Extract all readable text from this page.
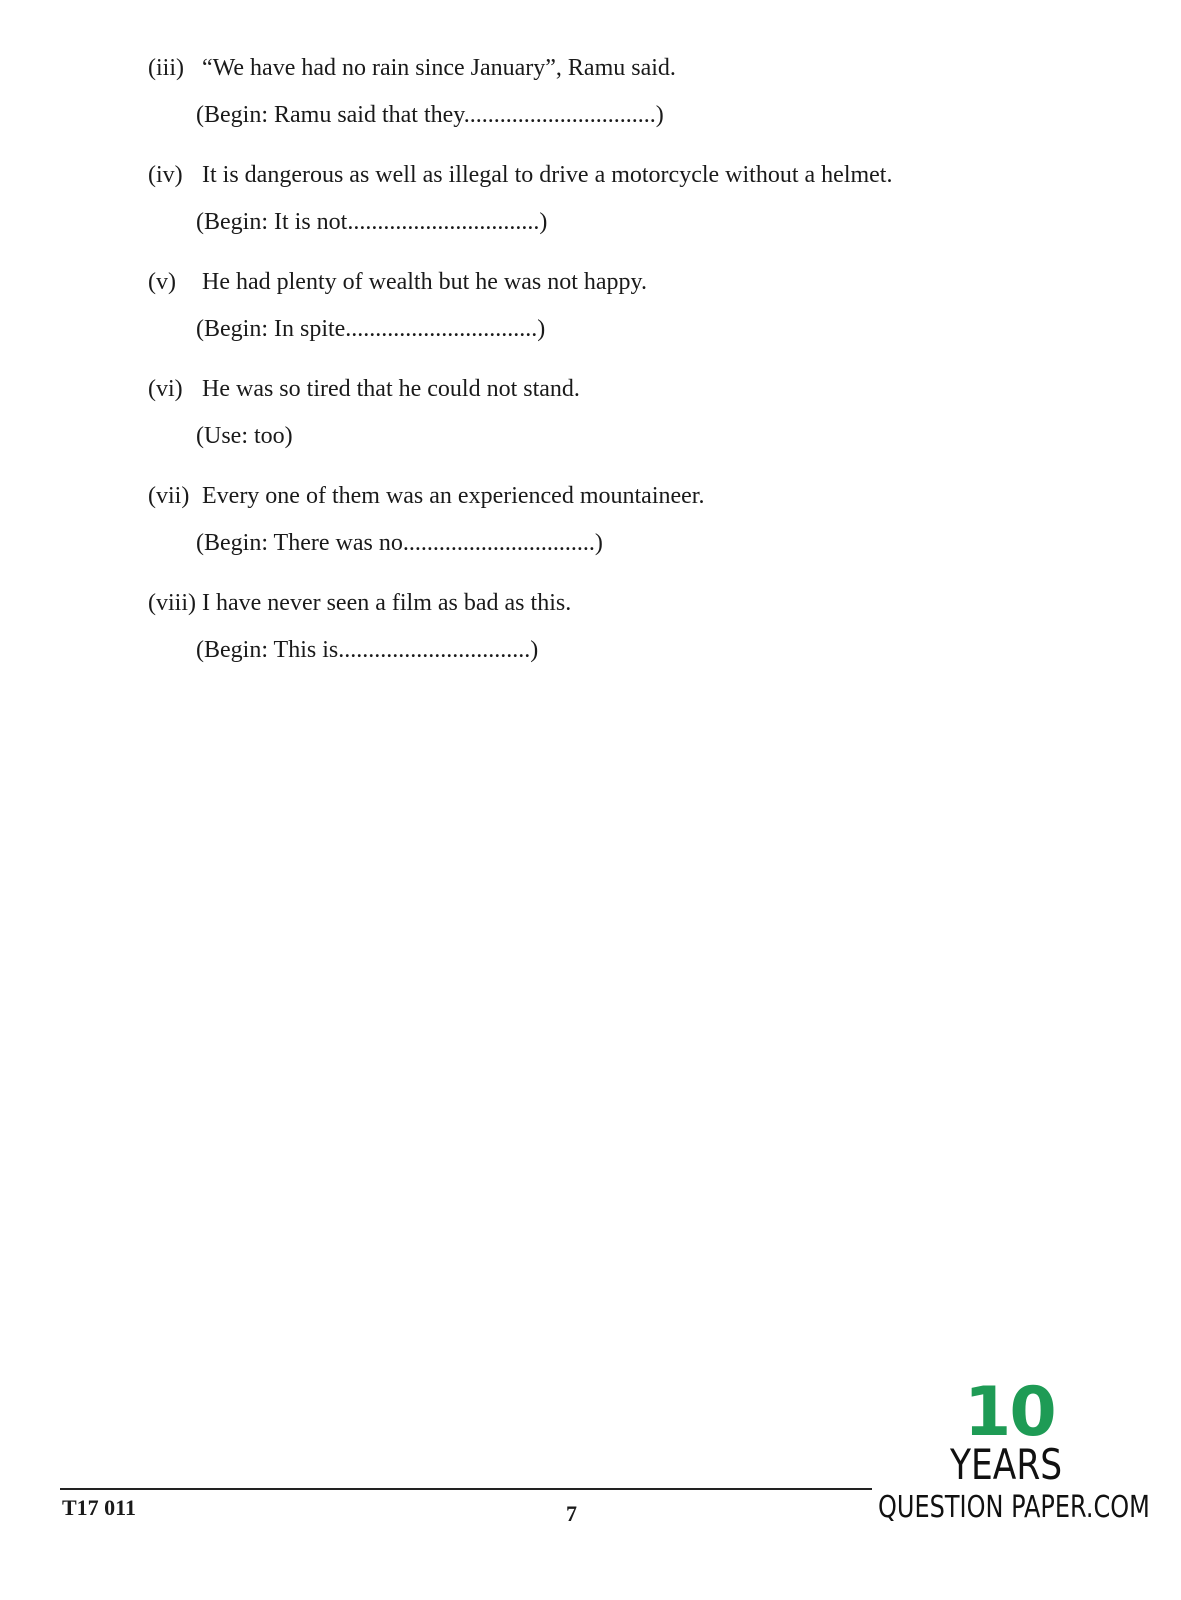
(iii) “We have had no rain since January”, Ramu said.
(Begin: Ramu said that they................................)
(iv) It is dangerous as well as illegal to drive a motorcycle without a helmet.
(Begin: It is not................................)
(v) He had plenty of wealth but he was not happy.
(Begin: In spite................................)
(vi) He was so tired that he could not stand.
(Use: too)
(vii) Every one of them was an experienced mountaineer.
(Begin: There was no................................)
(viii) I have never seen a film as bad as this.
(Begin: This is................................)
T17 011	7
10
YEARS
QUESTION PAPER.COM
